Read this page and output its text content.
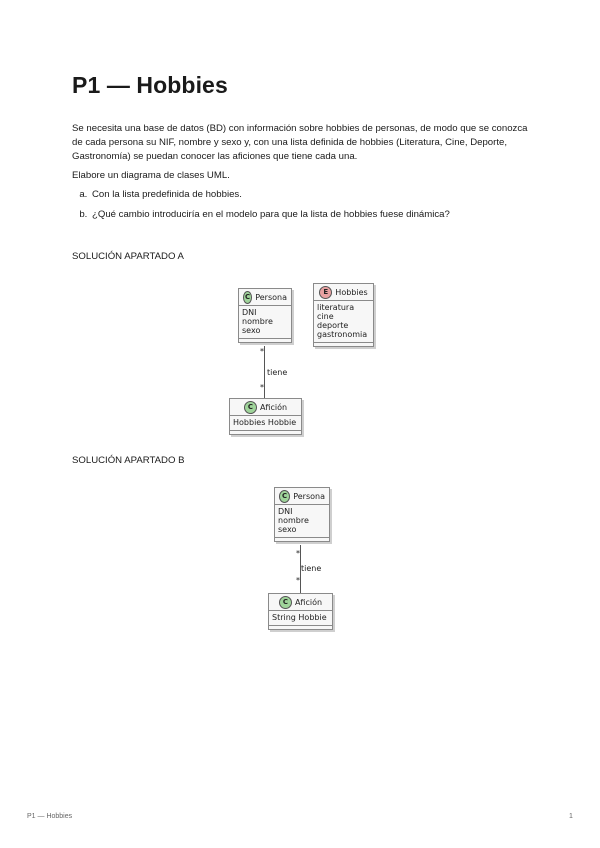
P1 — Hobbies

Se necesita una base de datos (BD) con información sobre hobbies de personas, de modo que se conozca de cada persona su NIF, nombre y sexo y, con una lista definida de hobbies (Literatura, Cine, Deporte, Gastronomía) se puedan conocer las aficiones que tiene cada una.

Elabore un diagrama de clases UML.

a. Con la lista predefinida de hobbies.
b. ¿Qué cambio introduciría en el modelo para que la lista de hobbies fuese dinámica?
SOLUCIÓN APARTADO A
SOLUCIÓN APARTADO B
C Persona
DNI
nombre
sexo
E Hobbies
literatura
cine
deporte
gastronomia
*
tiene
*
C Afición
Hobbies Hobbie
C Persona
DNI
nombre
sexo
*
tiene
*
C Afición
String Hobbie
P1 — Hobbies	1
